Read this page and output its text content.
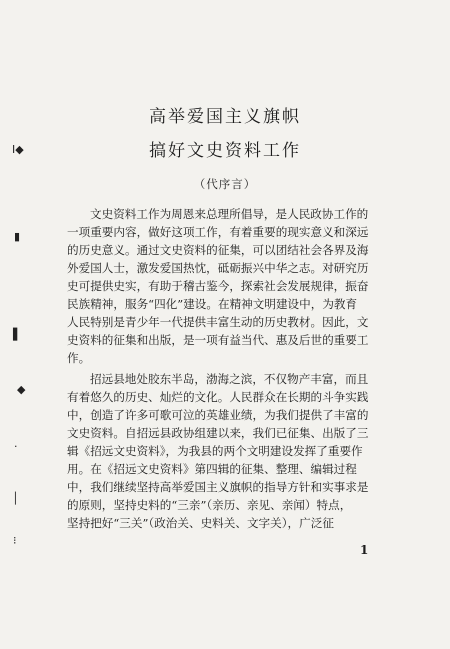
高举爱国主义旗帜
搞好文史资料工作
（代序言）
文史资料工作为周恩来总理所倡导，是人民政协工作的
一项重要内容，做好这项工作，有着重要的现实意义和深远
的历史意义。通过文史资料的征集，可以团结社会各界及海
外爱国人士，激发爱国热忱，砥砺振兴中华之志。对研究历
史可提供史实，有助于稽古鉴今，探索社会发展规律，振奋
民族精神，服务“四化”建设。在精神文明建设中，为教育
人民特别是青少年一代提供丰富生动的历史教材。因此，文
史资料的征集和出版，是一项有益当代、惠及后世的重要工
作。
招远县地处胶东半岛，渤海之滨，不仅物产丰富，而且
有着悠久的历史、灿烂的文化。人民群众在长期的斗争实践
中，创造了许多可歌可泣的英雄业绩，为我们提供了丰富的
文史资料。自招远县政协组建以来，我们已征集、出版了三
辑《招远文史资料》，为我县的两个文明建设发挥了重要作
用。在《招远文史资料》第四辑的征集、整理、编辑过程
中，我们继续坚持高举爱国主义旗帜的指导方针和实事求是
的原则，坚持史料的“三亲”（亲历、亲见、亲闻）特点，
坚持把好“三关”（政治关、史料关、文字关），广泛征
1
Ⅰ◆
▮
▌
◆
·
│
⁝
